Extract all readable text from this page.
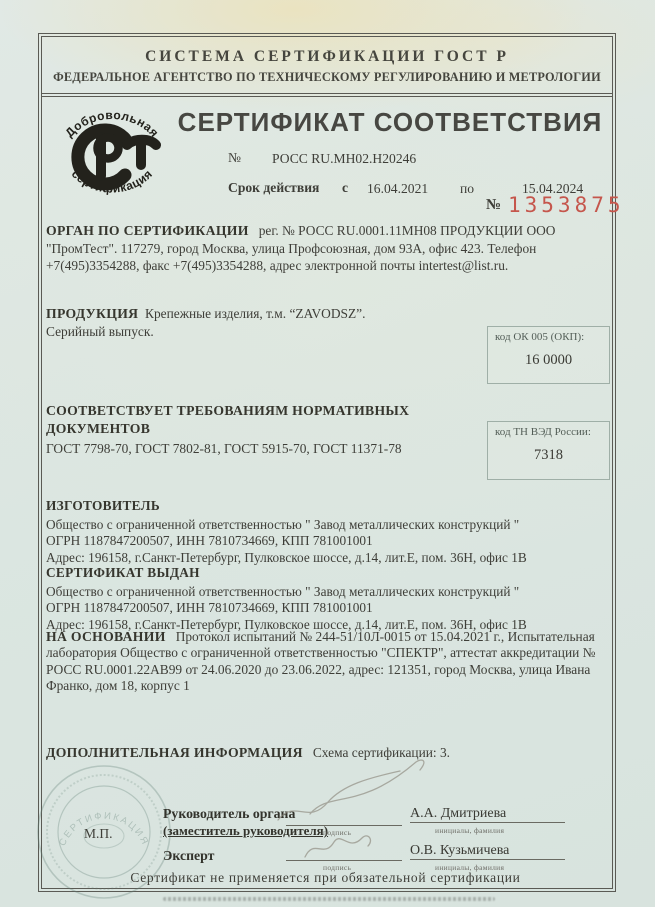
СИСТЕМА СЕРТИФИКАЦИИ ГОСТ Р
ФЕДЕРАЛЬНОЕ АГЕНТСТВО ПО ТЕХНИЧЕСКОМУ РЕГУЛИРОВАНИЮ И МЕТРОЛОГИИ
Добровольная
сертификация
СЕРТИФИКАТ СООТВЕТСТВИЯ
№ РОСС RU.МН02.Н20246
Срок действия с 16.04.2021 по	15.04.2024
№ 1353875
ОРГАН ПО СЕРТИФИКАЦИИ рег. № РОСС RU.0001.11МН08 ПРОДУКЦИИ ООО "ПромТест". 117279, город Москва, улица Профсоюзная, дом 93А, офис 423. Телефон +7(495)3354288, факс +7(495)3354288, адрес электронной почты intertest@list.ru.
ПРОДУКЦИЯ Крепежные изделия, т.м. “ZAVODSZ”.
Серийный выпуск.	код ОК 005 (ОКП):
16 0000
СООТВЕТСТВУЕТ ТРЕБОВАНИЯМ НОРМАТИВНЫХ ДОКУМЕНТОВ
ГОСТ 7798-70, ГОСТ 7802-81, ГОСТ 5915-70, ГОСТ 11371-78
код ТН ВЭД России:
7318
ИЗГОТОВИТЕЛЬ
Общество с ограниченной ответственностью " Завод металлических конструкций "
ОГРН 1187847200507, ИНН 7810734669, КПП 781001001
Адрес: 196158, г.Санкт-Петербург, Пулковское шоссе, д.14, лит.Е, пом. 36Н, офис 1В
СЕРТИФИКАТ ВЫДАН
Общество с ограниченной ответственностью " Завод металлических конструкций "
ОГРН 1187847200507, ИНН 7810734669, КПП 781001001
Адрес: 196158, г.Санкт-Петербург, Пулковское шоссе, д.14, лит.Е, пом. 36Н, офис 1В
НА ОСНОВАНИИ Протокол испытаний № 244-51/10Л-0015 от 15.04.2021 г., Испытательная лаборатория Общество с ограниченной ответственностью "СПЕКТР", аттестат аккредитации № РОСС RU.0001.22АВ99 от 24.06.2020 до 23.06.2022, адрес: 121351, город Москва, улица Ивана Франко, дом 18, корпус 1
ДОПОЛНИТЕЛЬНАЯ ИНФОРМАЦИЯ Схема сертификации: 3.
СЕРТИФИКАЦИЯ
М.П.
Руководитель органа
(заместитель руководителя)
Эксперт
подпись
подпись
А.А. Дмитриева
инициалы, фамилия
О.В. Кузьмичева
инициалы, фамилия
Сертификат не применяется при обязательной сертификации
